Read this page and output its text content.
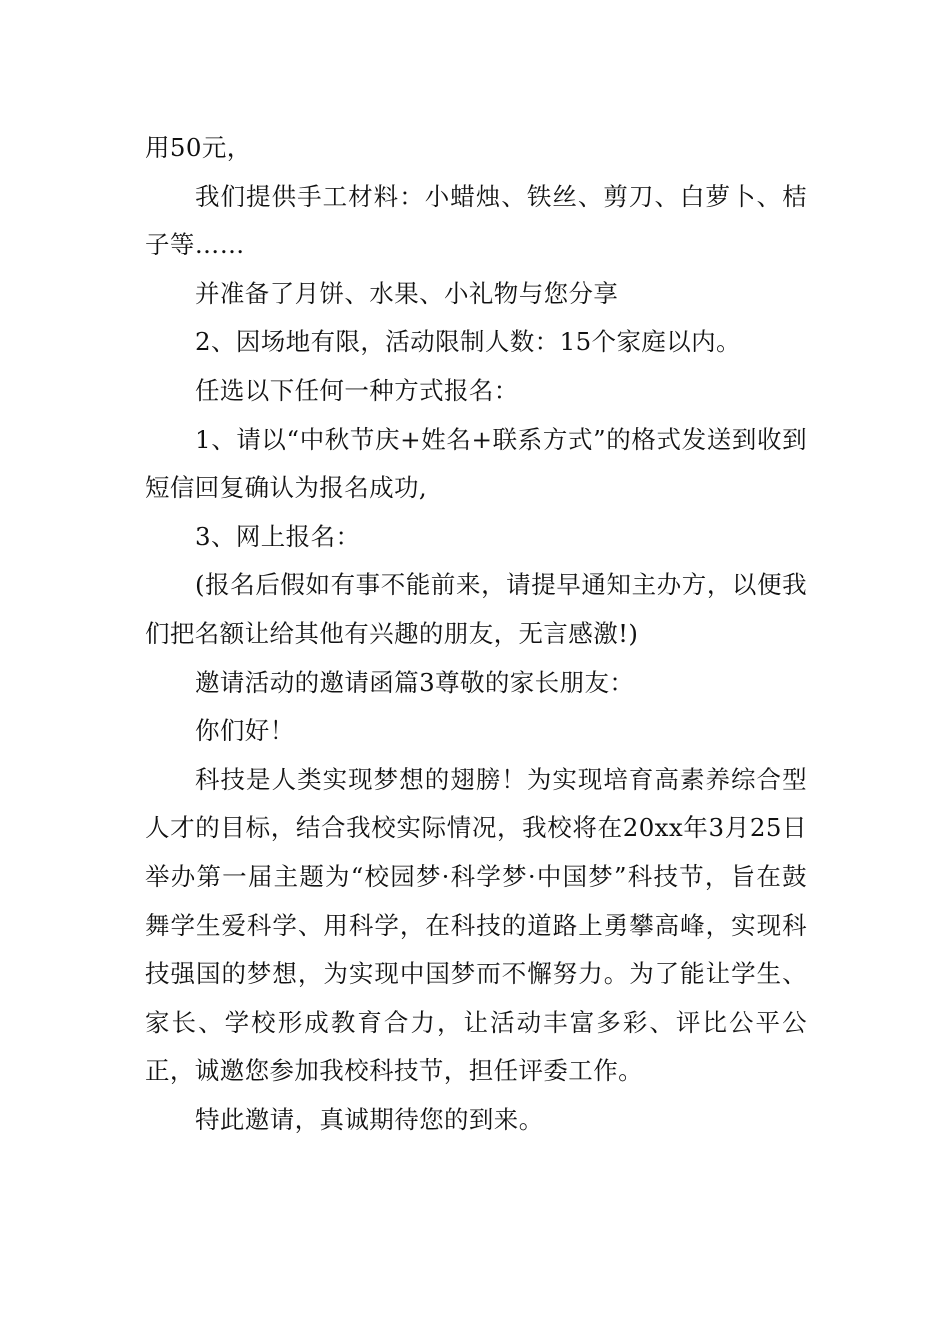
用50元，

我们提供手工材料：小蜡烛、铁丝、剪刀、白萝卜、桔子等……

并准备了月饼、水果、小礼物与您分享

2、因场地有限，活动限制人数：15个家庭以内。

任选以下任何一种方式报名：

1、请以“中秋节庆+姓名+联系方式”的格式发送到收到短信回复确认为报名成功,

3、网上报名：

(报名后假如有事不能前来，请提早通知主办方，以便我们把名额让给其他有兴趣的朋友，无言感激!)

邀请活动的邀请函篇3尊敬的家长朋友：

你们好！

科技是人类实现梦想的翅膀！为实现培育高素养综合型人才的目标，结合我校实际情况，我校将在20xx年3月25日举办第一届主题为“校园梦·科学梦·中国梦”科技节，旨在鼓舞学生爱科学、用科学，在科技的道路上勇攀高峰，实现科技强国的梦想，为实现中国梦而不懈努力。为了能让学生、家长、学校形成教育合力，让活动丰富多彩、评比公平公正，诚邀您参加我校科技节，担任评委工作。

特此邀请，真诚期待您的到来。
